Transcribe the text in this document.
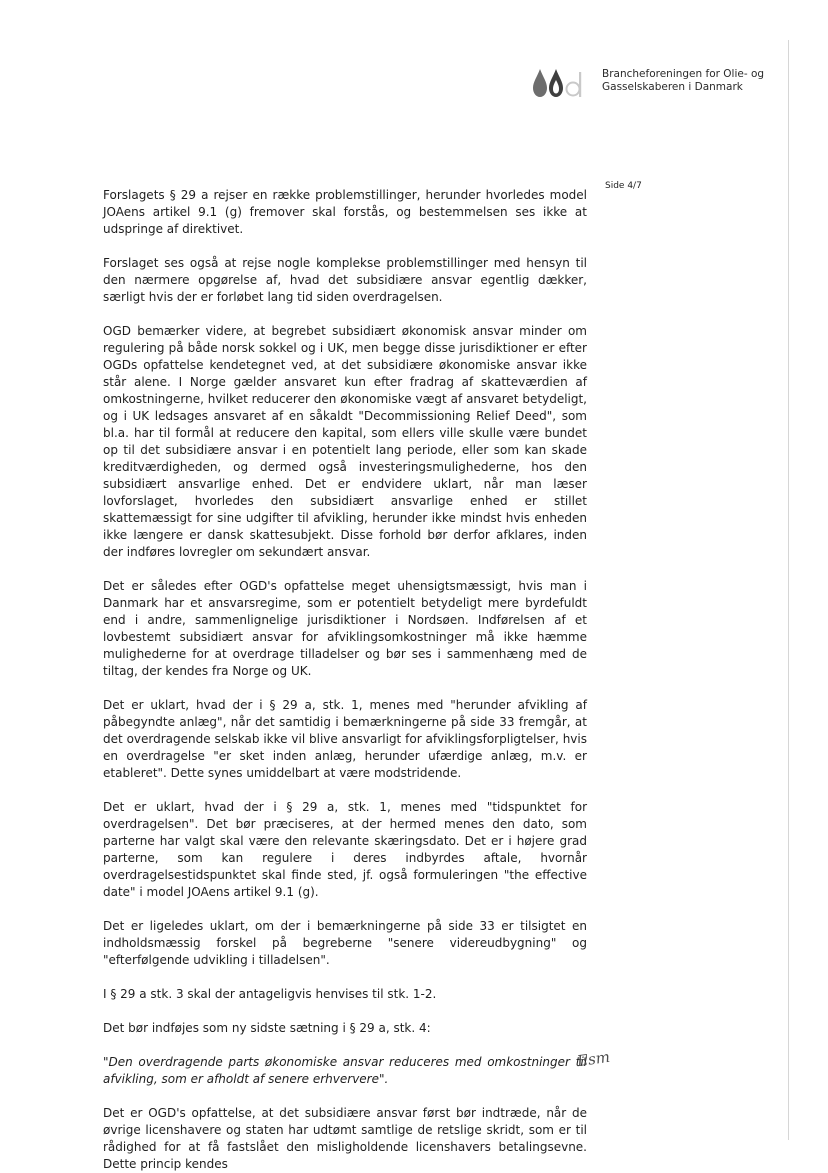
Brancheforeningen for Olie- og
Gasselskaberen i Danmark
Side 4/7

Forslagets § 29 a rejser en række problemstillinger, herunder hvorledes model JOAens artikel 9.1 (g) fremover skal forstås, og bestemmelsen ses ikke at udspringe af direktivet.

Forslaget ses også at rejse nogle komplekse problemstillinger med hensyn til den nærmere opgørelse af, hvad det subsidiære ansvar egentlig dækker, særligt hvis der er forløbet lang tid siden overdragelsen.

OGD bemærker videre, at begrebet subsidiært økonomisk ansvar minder om regulering på både norsk sokkel og i UK, men begge disse jurisdiktioner er efter OGDs opfattelse kendetegnet ved, at det subsidiære økonomiske ansvar ikke står alene. I Norge gælder ansvaret kun efter fradrag af skatteværdien af omkostningerne, hvilket reducerer den økonomiske vægt af ansvaret betydeligt, og i UK ledsages ansvaret af en såkaldt "Decommissioning Relief Deed", som bl.a. har til formål at reducere den kapital, som ellers ville skulle være bundet op til det subsidiære ansvar i en potentielt lang periode, eller som kan skade kreditværdigheden, og dermed også investeringsmulighederne, hos den subsidiært ansvarlige enhed. Det er endvidere uklart, når man læser lovforslaget, hvorledes den subsidiært ansvarlige enhed er stillet skattemæssigt for sine udgifter til afvikling, herunder ikke mindst hvis enheden ikke længere er dansk skattesubjekt. Disse forhold bør derfor afklares, inden der indføres lovregler om sekundært ansvar.

Det er således efter OGD's opfattelse meget uhensigtsmæssigt, hvis man i Danmark har et ansvarsregime, som er potentielt betydeligt mere byrdefuldt end i andre, sammenlignelige jurisdiktioner i Nordsøen. Indførelsen af et lovbestemt subsidiært ansvar for afviklingsomkostninger må ikke hæmme mulighederne for at overdrage tilladelser og bør ses i sammenhæng med de tiltag, der kendes fra Norge og UK.

Det er uklart, hvad der i § 29 a, stk. 1, menes med "herunder afvikling af påbegyndte anlæg", når det samtidig i bemærkningerne på side 33 fremgår, at det overdragende selskab ikke vil blive ansvarligt for afviklingsforpligtelser, hvis en overdragelse "er sket inden anlæg, herunder ufærdige anlæg, m.v. er etableret". Dette synes umiddelbart at være modstridende.

Det er uklart, hvad der i § 29 a, stk. 1, menes med "tidspunktet for overdragelsen". Det bør præciseres, at der hermed menes den dato, som parterne har valgt skal være den relevante skæringsdato. Det er i højere grad parterne, som kan regulere i deres indbyrdes aftale, hvornår overdragelsestidspunktet skal finde sted, jf. også formuleringen "the effective date" i model JOAens artikel 9.1 (g).

Det er ligeledes uklart, om der i bemærkningerne på side 33 er tilsigtet en indholdsmæssig forskel på begreberne "senere videreudbygning" og "efterfølgende udvikling i tilladelsen".

I § 29 a stk. 3 skal der antageligvis henvises til stk. 1-2.

Det bør indføjes som ny sidste sætning i § 29 a, stk. 4:

"Den overdragende parts økonomiske ansvar reduceres med omkostninger til afvikling, som er afholdt af senere erhververe".

Det er OGD's opfattelse, at det subsidiære ansvar først bør indtræde, når de øvrige licenshavere og staten har udtømt samtlige de retslige skridt, som er til rådighed for at få fastslået den misligholdende licenshavers betalingsevne. Dette princip kendes

Esm
